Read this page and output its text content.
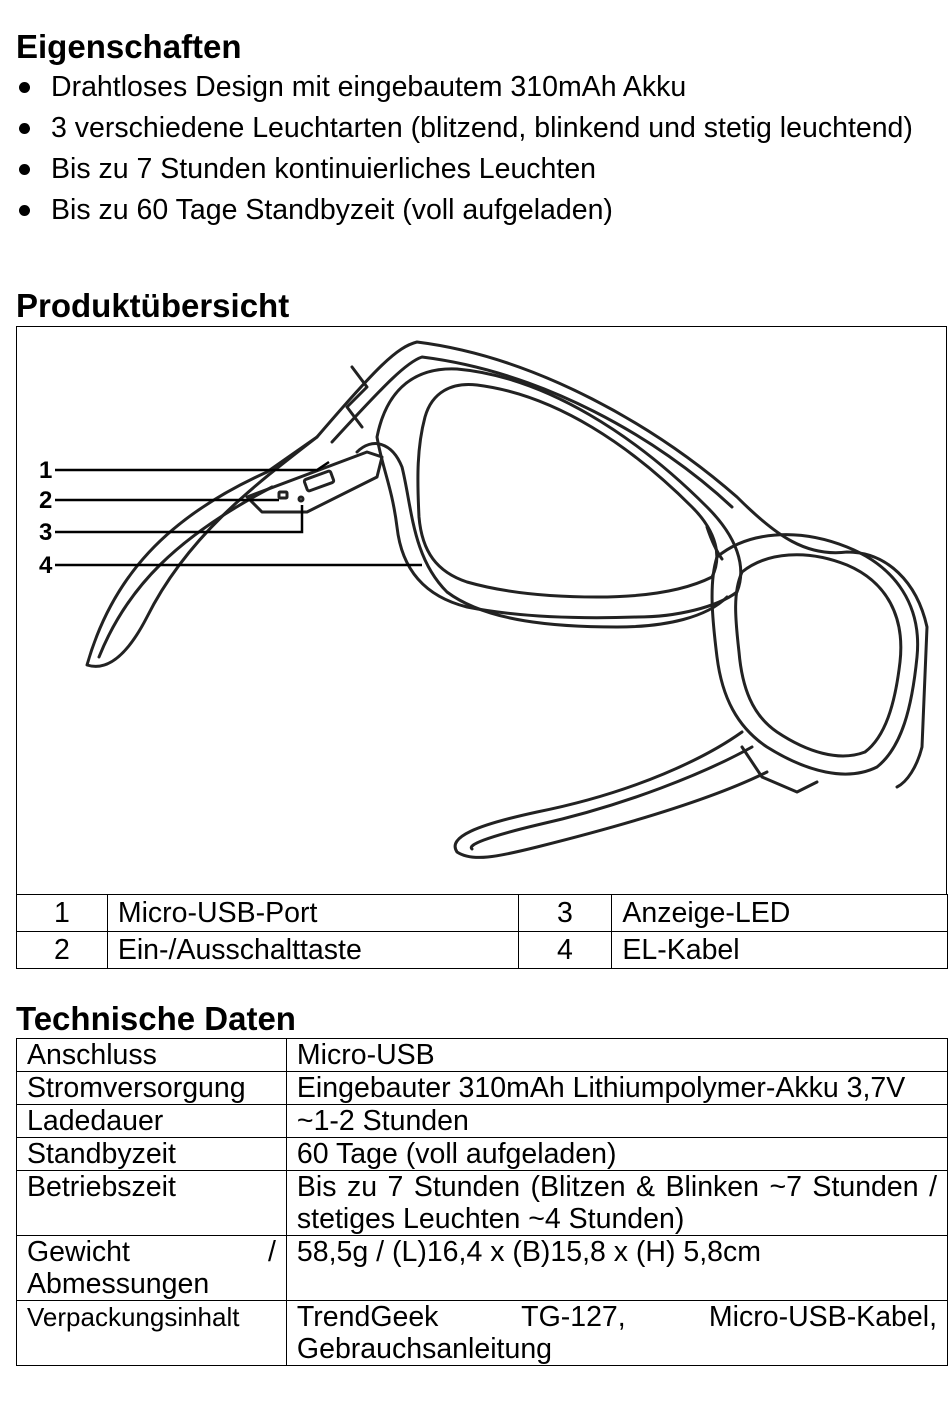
Eigenschaften
Drahtloses Design mit eingebautem 310mAh Akku
3 verschiedene Leuchtarten (blitzend, blinkend und stetig leuchtend)
Bis zu 7 Stunden kontinuierliches Leuchten
Bis zu 60 Tage Standbyzeit (voll aufgeladen)
Produktübersicht
1
2
3
4
1	Micro-USB-Port	3	Anzeige-LED
2	Ein-/Ausschalttaste	4	EL-Kabel
Technische Daten
Anschluss	Micro-USB
Stromversorgung	Eingebauter 310mAh Lithiumpolymer-Akku 3,7V
Ladedauer	~1-2 Stunden
Standbyzeit	60 Tage (voll aufgeladen)
Betriebszeit	Bis zu 7 Stunden (Blitzen & Blinken ~7 Stunden / stetiges Leuchten ~4 Stunden)
Gewicht / Abmessungen	58,5g / (L)16,4 x (B)15,8 x (H) 5,8cm
Verpackungsinhalt	TrendGeek TG-127, Micro-USB-Kabel, Gebrauchsanleitung
